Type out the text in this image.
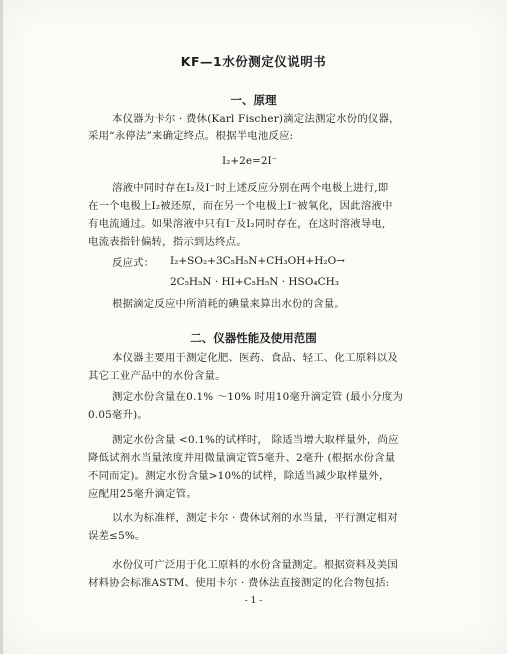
KF—1水份测定仪说明书
一、原理
本仪器为卡尔 · 费休(Karl Fischer)滴定法测定水份的仪器，
采用“永停法”来确定终点。根据半电池反应:
I₂+2e=2I⁻
溶液中同时存在I₂及I⁻时上述反应分别在两个电极上进行,即
在一个电极上I₂被还原，而在另一个电极上I⁻被氧化，因此溶液中
有电流通过。如果溶液中只有I⁻及I₂同时存在，在这时溶液导电,
电流表指针偏转，指示到达终点。
反应式：	I₂+SO₂+3C₅H₅N+CH₃OH+H₂O→
2C₅H₅N · HI+C₅H₅N · HSO₄CH₃
根据滴定反应中所消耗的碘量来算出水份的含量。
二、仪器性能及使用范围
本仪器主要用于测定化肥、医药、食品、轻工、化工原料以及
其它工业产品中的水份含量。
测定水份含量在0.1% ～10% 时用10毫升滴定管 (最小分度为
0.05毫升)。
测定水份含量 <0.1%的试样时， 除适当增大取样量外，尚应
降低试剂水当量浓度并用微量滴定管5毫升、2毫升 (根据水份含量
不同而定)。测定水份含量>10%的试样，除适当减少取样量外，
应配用25毫升滴定管。
以水为标准样，测定卡尔 · 费休试剂的水当量，平行测定相对
误差≤5%。
水份仪可广泛用于化工原料的水份含量测定。根据资料及美国
材料协会标准ASTM、使用卡尔 · 费休法直接测定的化合物包括:
- 1 -
